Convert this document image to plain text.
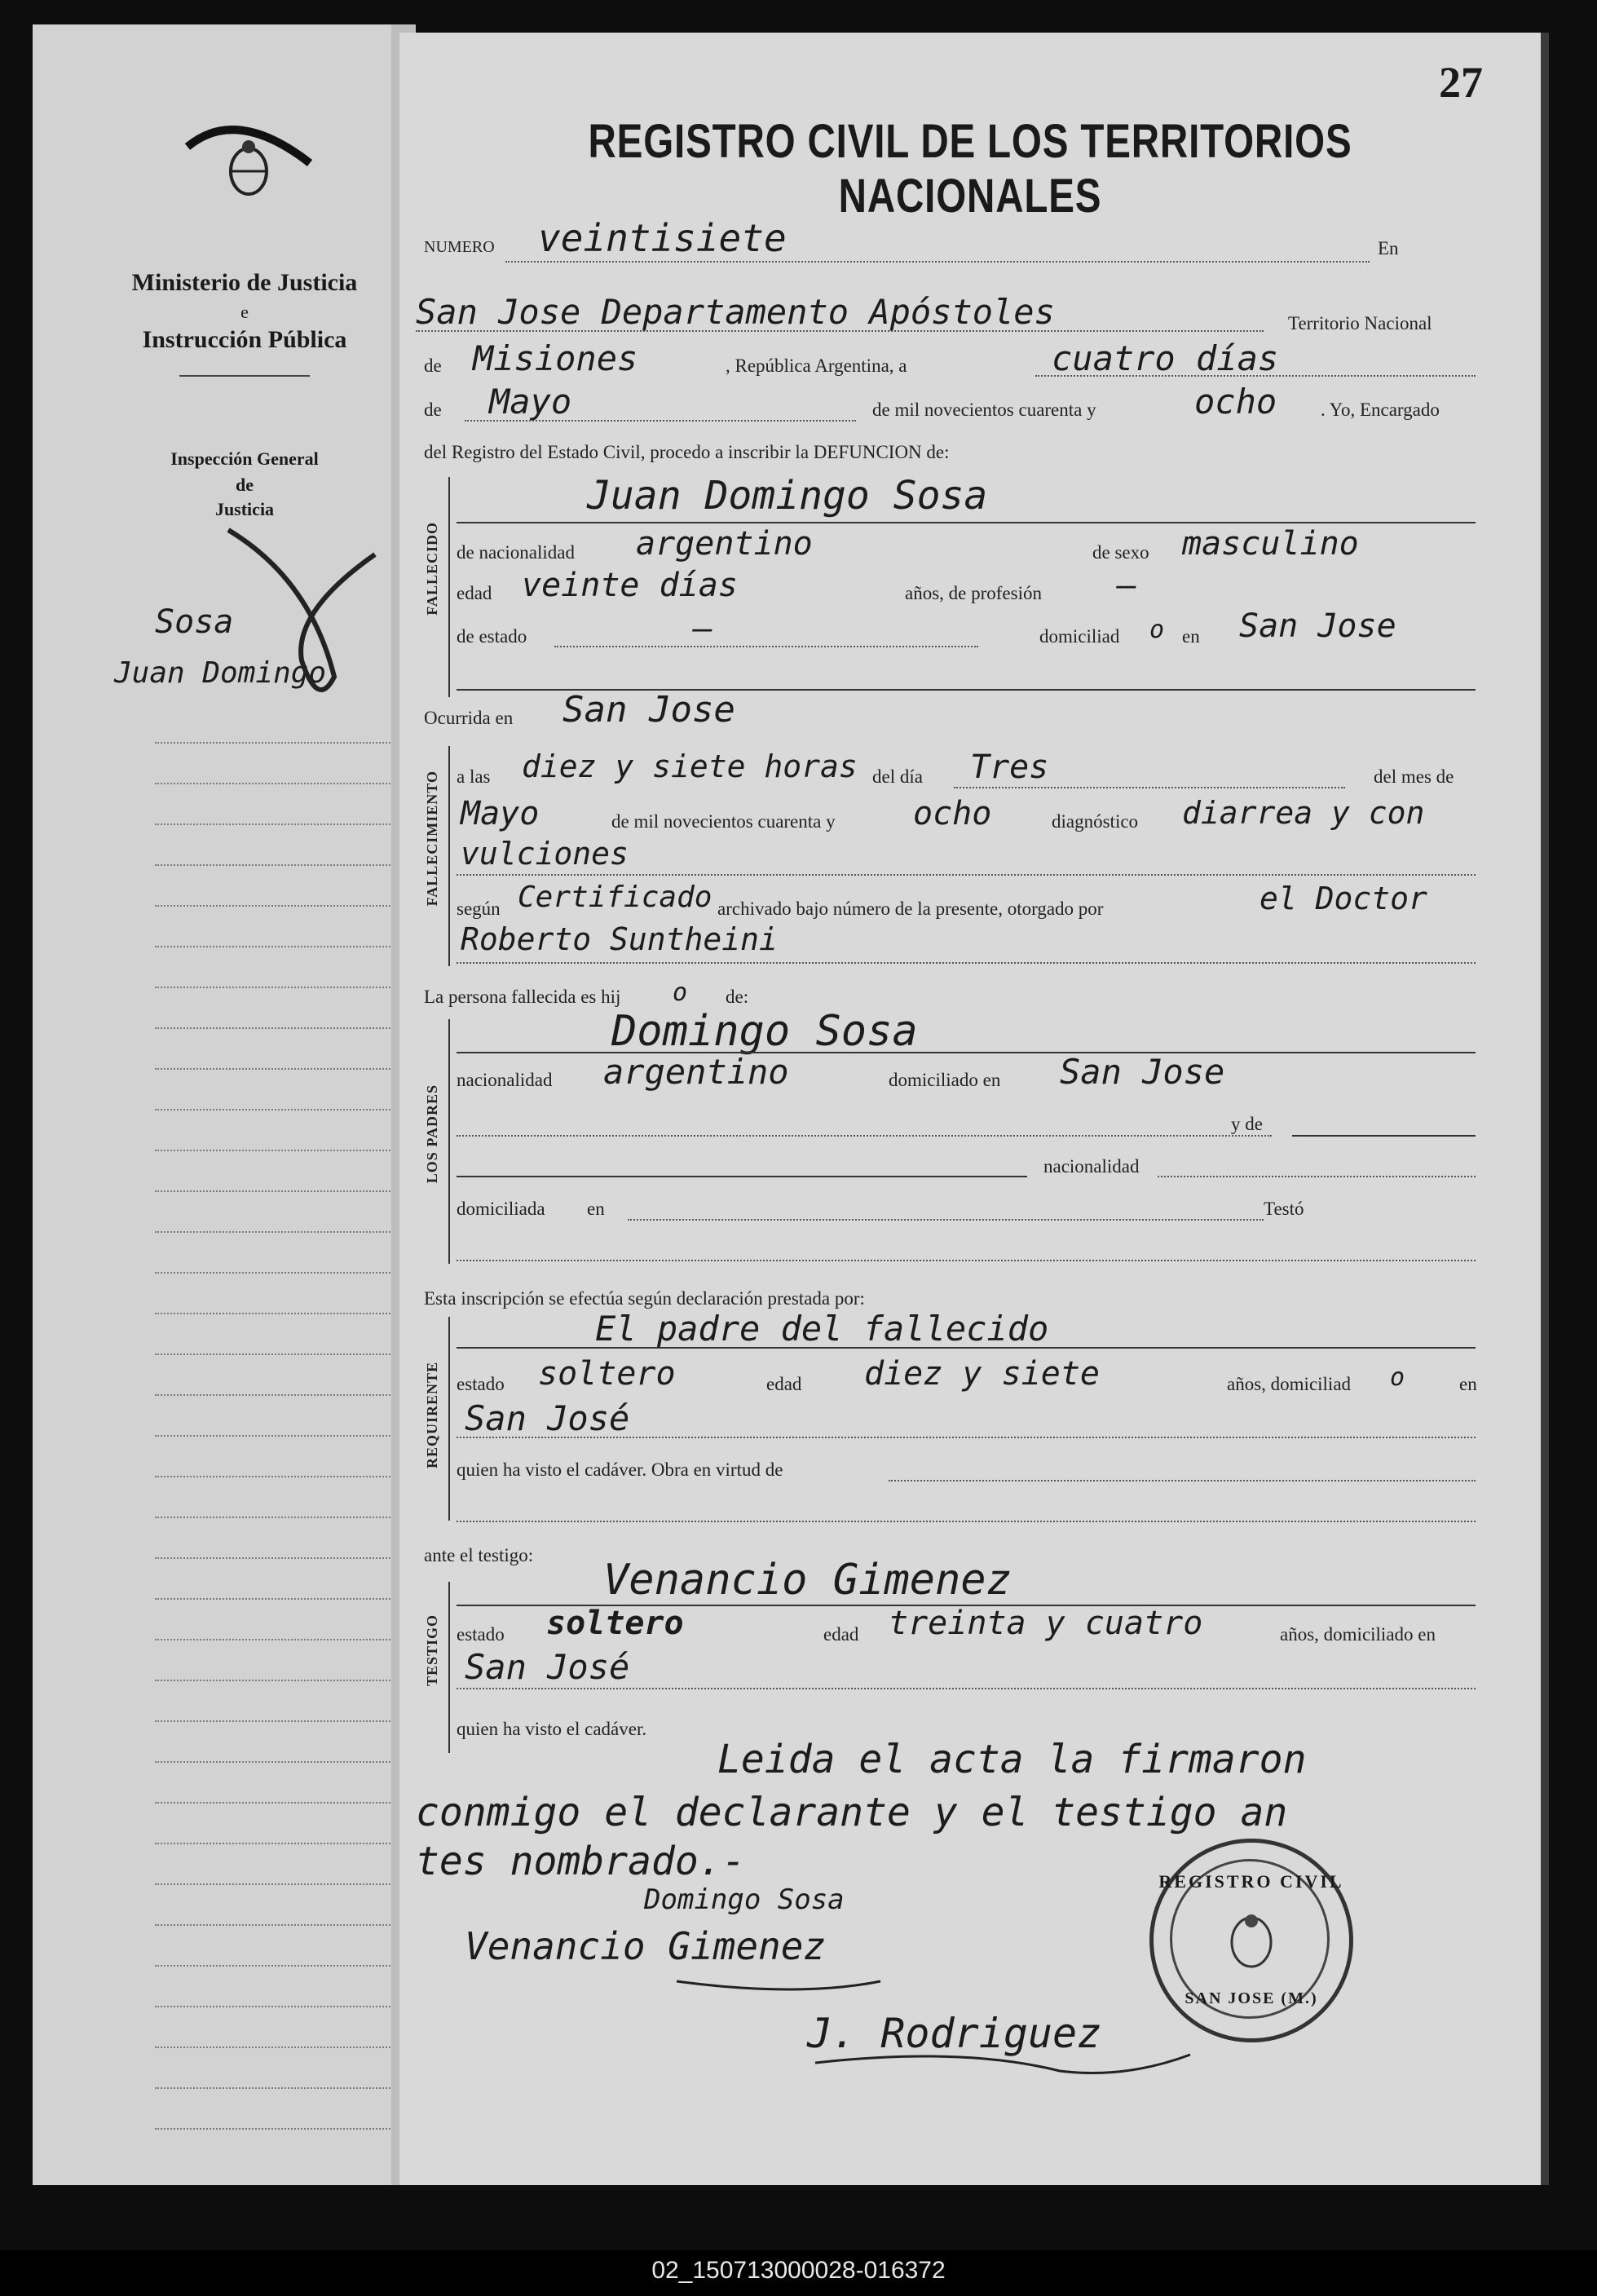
Ministerio de Justicia
e
Instrucción Pública
Inspección General
de
Justicia
Sosa
Juan Domingo
27
REGISTRO CIVIL DE LOS TERRITORIOS NACIONALES
NUMERO veintisiete	En
San Jose Departamento Apóstoles	Territorio Nacional
de Misiones	, República Argentina, a	cuatro días
de Mayo	de mil novecientos cuarenta y	ocho . Yo, Encargado
del Registro del Estado Civil, procedo a inscribir la DEFUNCION de:
FALLECIDO
Juan Domingo Sosa
de nacionalidad argentino	de sexo masculino
edad veinte días	años, de profesión —
de estado	—	domiciliad o en San Jose
Ocurrida en San Jose
FALLECIMIENTO a las diez y siete horas del día Tres	del mes de
Mayo	de mil novecientos cuarenta y ocho	diagnóstico diarrea y con
vulciones
según Certificado archivado bajo número de la presente, otorgado por	el Doctor
Roberto Suntheini
La persona fallecida es hij o de:
LOS PADRES
Domingo Sosa
nacionalidad argentino	domiciliado en San Jose
y de
nacionalidad
domiciliada en	Testó
Esta inscripción se efectúa según declaración prestada por:
REQUIRENTE
El padre del fallecido
estado soltero	edad diez y siete	años, domiciliad o	en
San José
quien ha visto el cadáver. Obra en virtud de
ante el testigo:
TESTIGO
Venancio Gimenez
estado soltero	edad treinta y cuatro	años, domiciliado en
San José
quien ha visto el cadáver.
Leida el acta la firmaron
conmigo el declarante y el testigo an
tes nombrado.-
Domingo Sosa
Venancio Gimenez
J. Rodriguez
REGISTRO CIVIL
SAN JOSE (M.)
02_150713000028-016372
